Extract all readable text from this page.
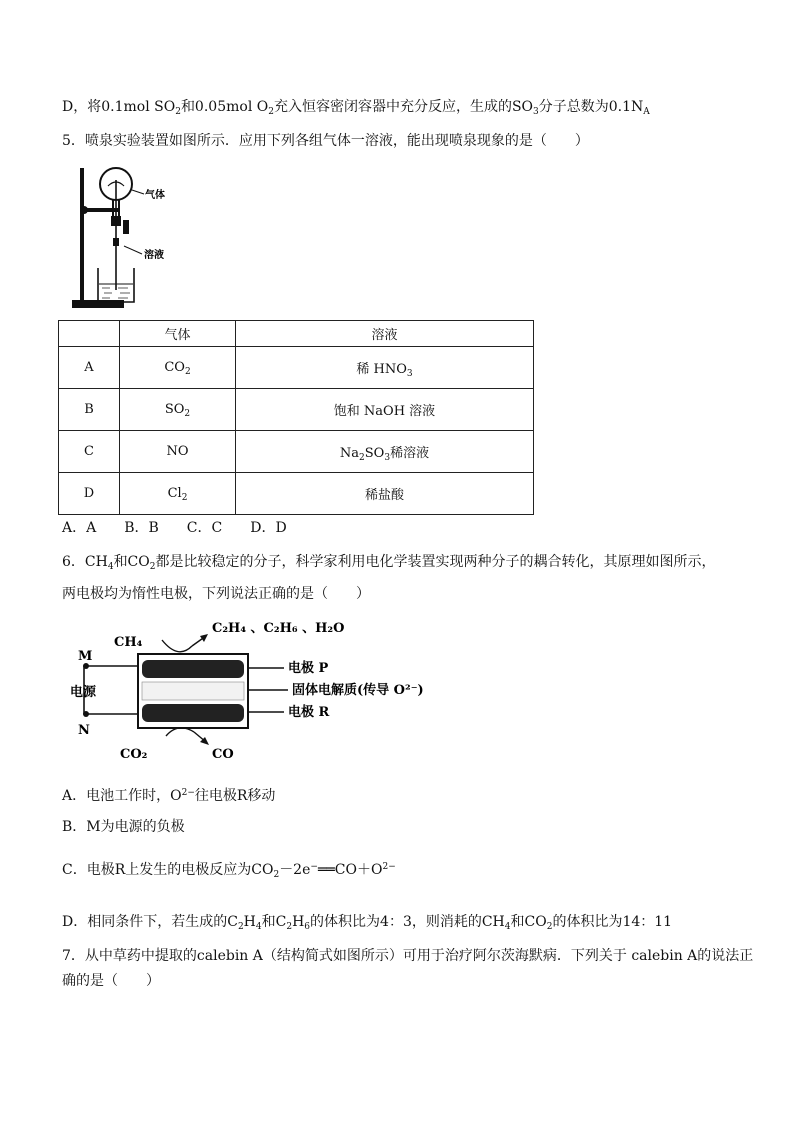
D，将0.1mol $SO_2$和0.05mol $O_2$充入恒容密闭容器中充分反应，生成的$SO_3$分子总数为$0.1N_A$
5．喷泉实验装置如图所示．应用下列各组气体一溶液，能出现喷泉现象的是（　　）
气体
溶液
	气体	溶液
A	$CO_2$	稀 $HNO_3$
B	$SO_2$	饱和 NaOH 溶液
C	NO	$Na_2SO_3$稀溶液
D	$Cl_2$	稀盐酸
A．A　　B．B　　C．C　　D．D
6．$CH_4$和$CO_2$都是比较稳定的分子，科学家利用电化学装置实现两种分子的耦合转化，其原理如图所示，
两电极均为惰性电极，下列说法正确的是（　　）
CH₄
C₂H₄ 、C₂H₆ 、H₂O
M
电源
N
电极 P
固体电解质(传导 O²⁻)
电极 R
CO₂	CO
A．电池工作时，$O^{2-}$往电极R移动
B．M为电源的负极
C．电极R上发生的电极反应为$CO_2-2e^-══CO+O^{2-}$
D．相同条件下，若生成的$C_2H_4$和$C_2H_6$的体积比为4：3，则消耗的$CH_4$和$CO_2$的体积比为14：11
7．从中草药中提取的calebin A（结构简式如图所示）可用于治疗阿尔茨海默病．下列关于 calebin A的说法正
确的是（　　）
